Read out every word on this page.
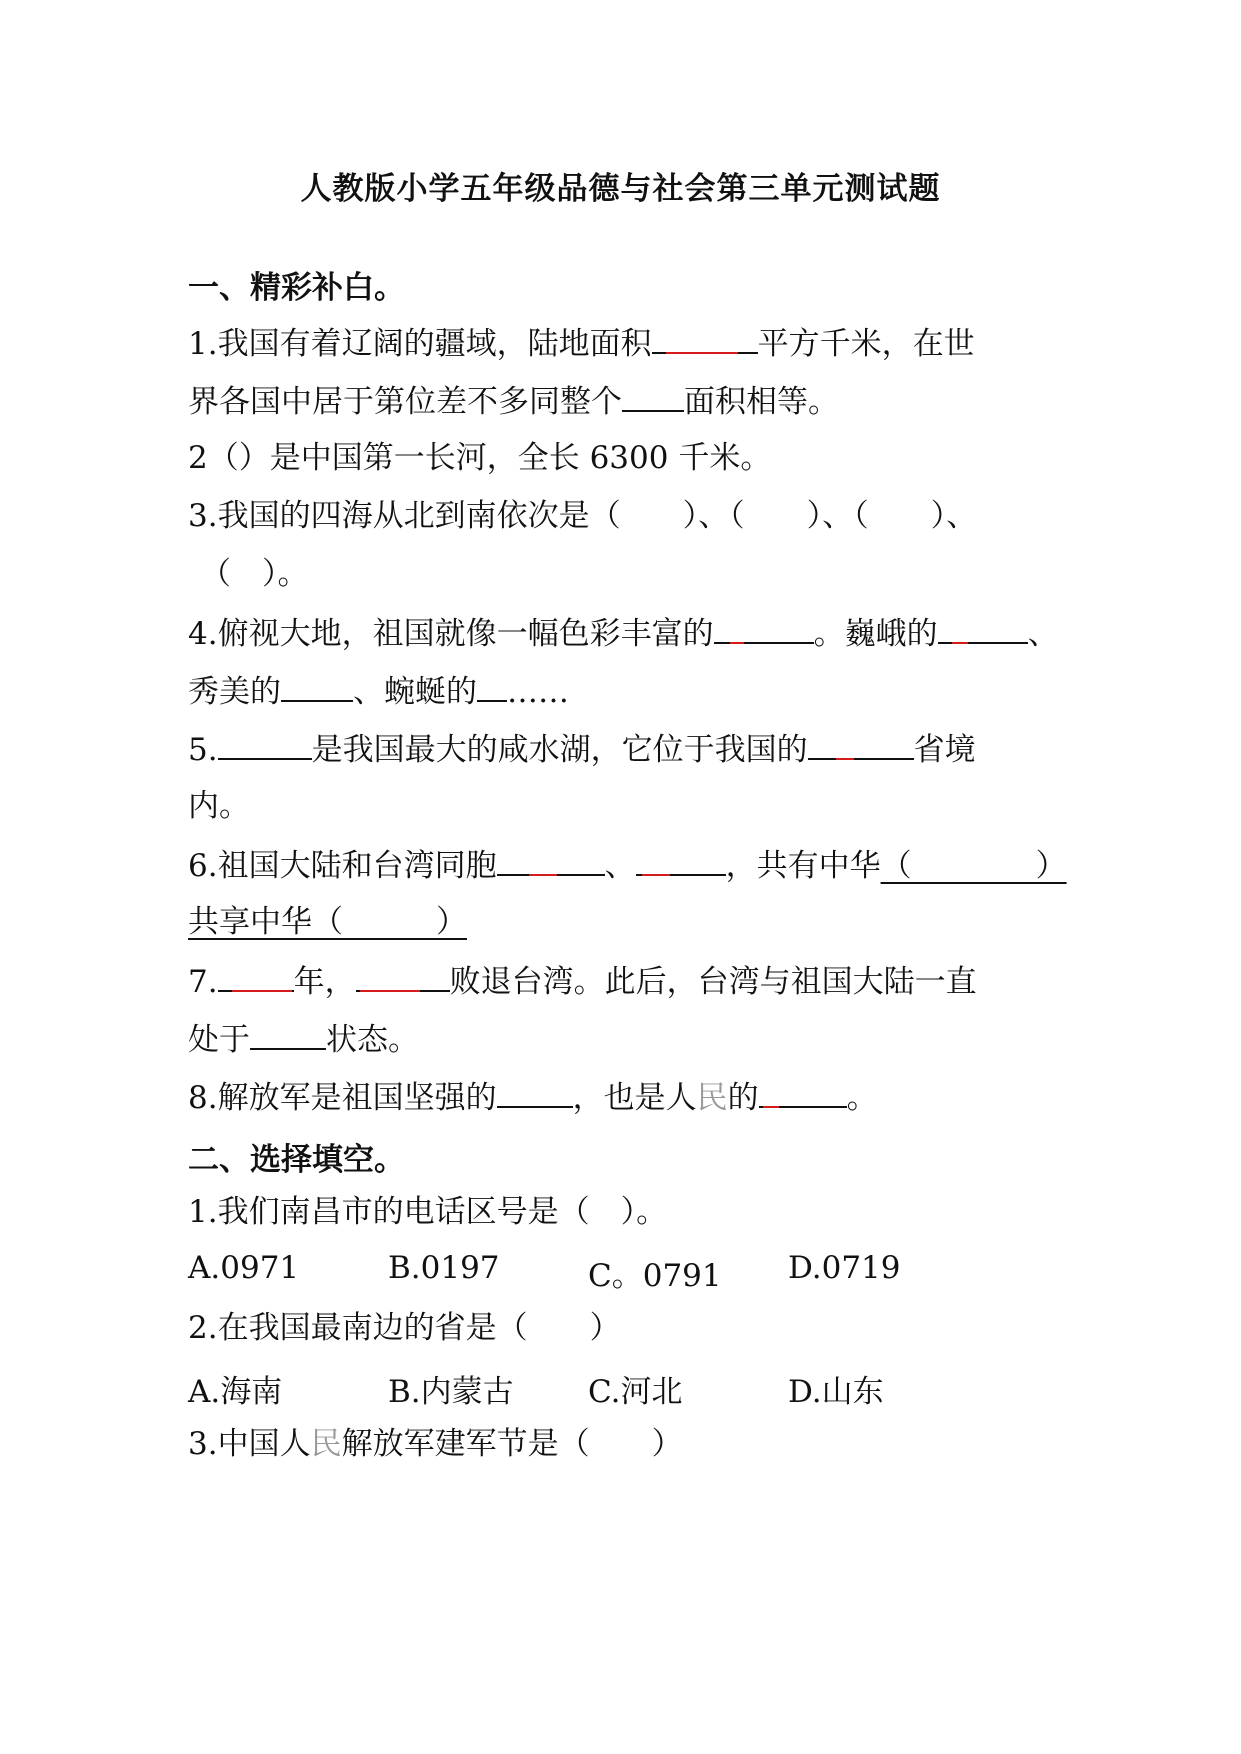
人教版小学五年级品德与社会第三单元测试题
一、精彩补白。
1.我国有着辽阔的疆域，陆地面积	平方千米，在世
界各国中居于第位差不多同整个 面积相等。
2（）是中国第一长河，全长 6300 千米。
3.我国的四海从北到南依次是（　　）、（　　）、（　　）、
（　）。
4.俯视大地，祖国就像一幅色彩丰富的	。巍峨的	、
秀美的 、蜿蜒的 ……
5.	是我国最大的咸水湖，它位于我国的	省境
内。
6.祖国大陆和台湾同胞	、	，共有中华（　　　　）
共享中华（　　　）
7. 年，	败退台湾。此后，台湾与祖国大陆一直
处于 状态。
8.解放军是祖国坚强的 ，也是人民的	。
二、选择填空。
1.我们南昌市的电话区号是（　）。
A.0971	B.0197	C。0791 D.0719
2.在我国最南边的省是（　　）
A.海南	B.内蒙古 C.河北	D.山东
3.中国人民解放军建军节是（　　）
